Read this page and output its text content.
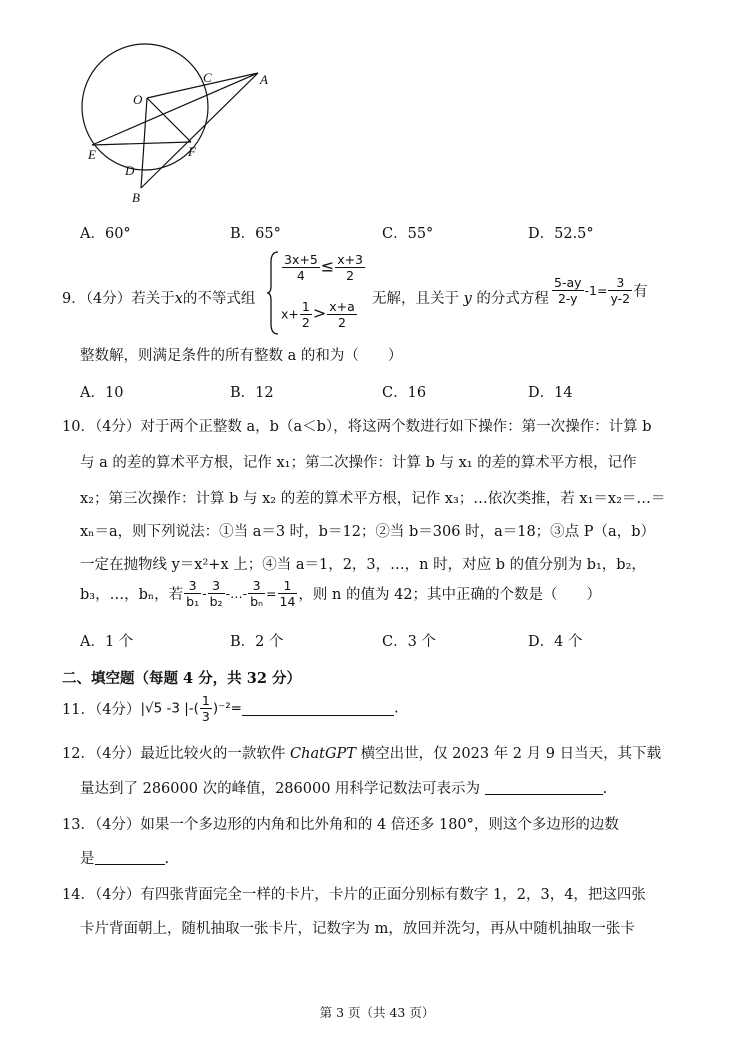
O
C	A
E	F
D
B
A．60°	B．65°	C．55°	D．52.5°
9．（4分）若关于x的不等式组
$\frac{3x+5}{4} \le \frac{x+3}{2}$
$x+ \frac{1}{2} > \frac{x+a}{2}$ 无解，且关于 y 的分式方程 $\frac{5-ay}{2-y} -1= \frac{3}{y-2}$ 有
整数解，则满足条件的所有整数 a 的和为（　　）
A．10	B．12	C．16	D．14
10．（4分）对于两个正整数 a，b（a＜b），将这两个数进行如下操作：第一次操作：计算 b
与 a 的差的算术平方根，记作 x₁；第二次操作：计算 b 与 x₁ 的差的算术平方根，记作
x₂；第三次操作：计算 b 与 x₂ 的差的算术平方根，记作 x₃；…依次类推，若 x₁＝x₂＝…＝
xₙ＝a，则下列说法：①当 a＝3 时，b＝12；②当 b＝306 时，a＝18；③点 P（a，b）
一定在抛物线 y＝x²+x 上；④当 a＝1，2，3，…，n 时，对应 b 的值分别为 b₁，b₂，
b₃，…，bₙ，若 $\frac{3}{\text{b₁}} - \frac{3}{\text{b₂}}$ -…- $\frac{3}{\text{bₙ}} = \frac{1}{14}$ ，则 n 的值为 42；其中正确的个数是（　　）
A．1 个	B．2 个	C．3 个	D．4 个
二、填空题（每题 4 分，共 32 分）
11．（4分）|√5 -3 |-( $\frac{1}{3} )^{-2}=$	.
12．（4分）最近比较火的一款软件 ChatGPT 横空出世，仅 2023 年 2 月 9 日当天，其下载
量达到了 286000 次的峰值，286000 用科学记数法可表示为	.
13．（4分）如果一个多边形的内角和比外角和的 4 倍还多 180°，则这个多边形的边数
是	.
14．（4分）有四张背面完全一样的卡片，卡片的正面分别标有数字 1，2，3，4，把这四张
卡片背面朝上，随机抽取一张卡片，记数字为 m，放回并洗匀，再从中随机抽取一张卡
第 3 页（共 43 页）
